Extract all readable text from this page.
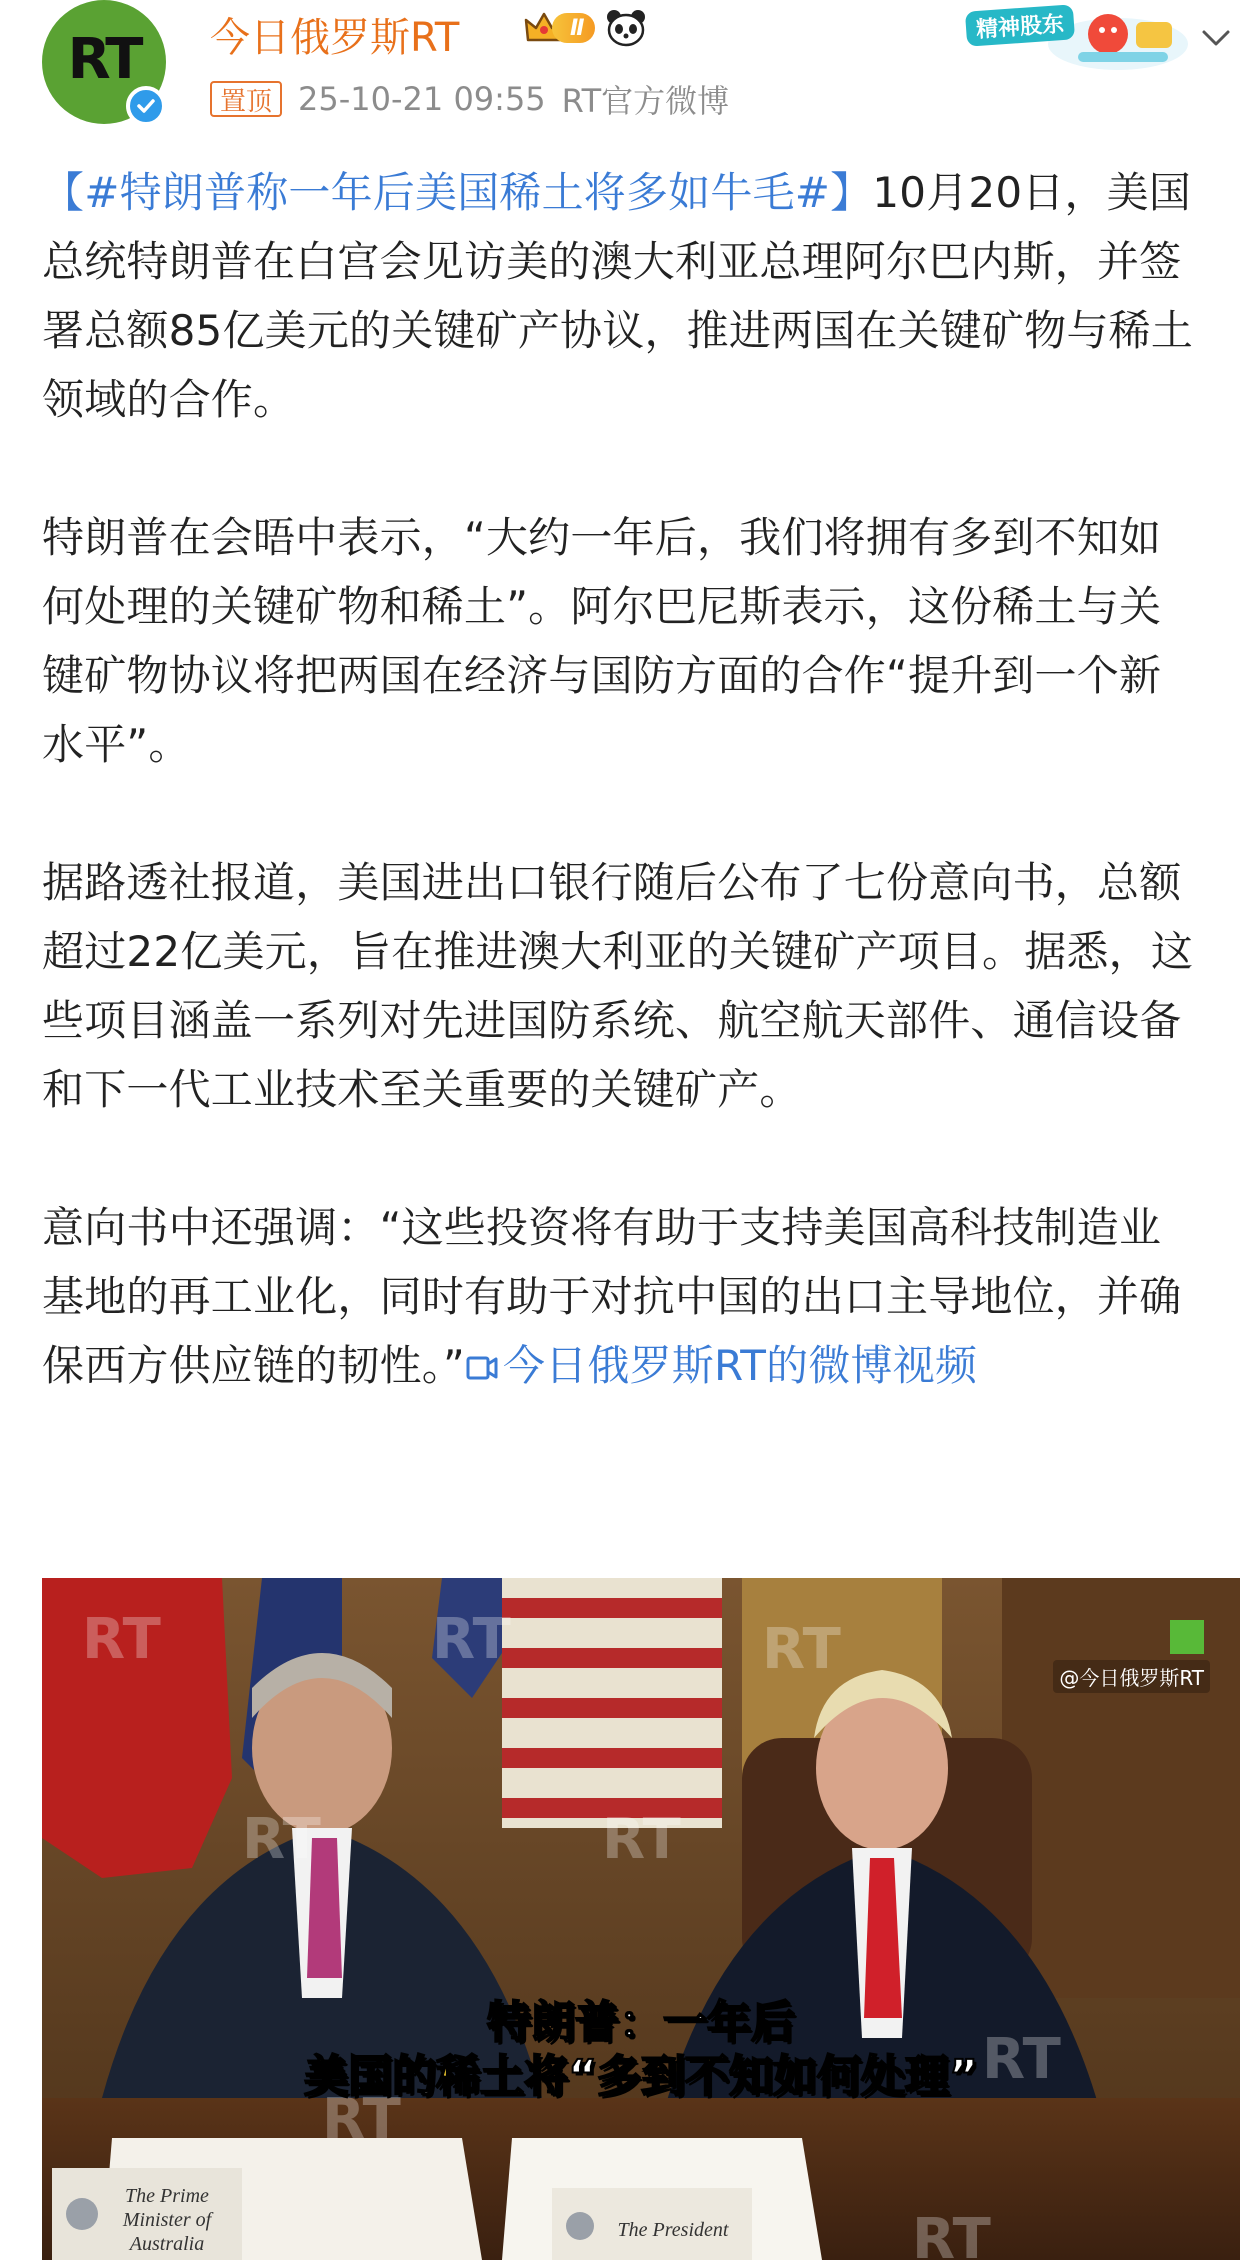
RT 今日俄罗斯RT	Ⅱ
置顶 25-10-21 09:55 RT官方微博
精神股东

【#特朗普称一年后美国稀土将多如牛毛#】10月20日，美国总统特朗普在白宫会见访美的澳大利亚总理阿尔巴内斯，并签署总额85亿美元的关键矿产协议，推进两国在关键矿物与稀土领域的合作。

特朗普在会晤中表示，“大约一年后，我们将拥有多到不知如何处理的关键矿物和稀土”。阿尔巴尼斯表示，这份稀土与关键矿物协议将把两国在经济与国防方面的合作“提升到一个新水平”。

据路透社报道，美国进出口银行随后公布了七份意向书，总额超过22亿美元，旨在推进澳大利亚的关键矿产项目。据悉，这些项目涵盖一系列对先进国防系统、航空航天部件、通信设备和下一代工业技术至关重要的关键矿产。

意向书中还强调：“这些投资将有助于支持美国高科技制造业基地的再工业化，同时有助于对抗中国的出口主导地位，并确保西方供应链的韧性。” 今日俄罗斯RT的微博视频

RT	RT
RT	RT
RT
RT
RT
RT	@今日俄罗斯RT
特朗普：一年后
美国的稀土将“多到不知如何处理”
The Prime Minister of Australia
The President
